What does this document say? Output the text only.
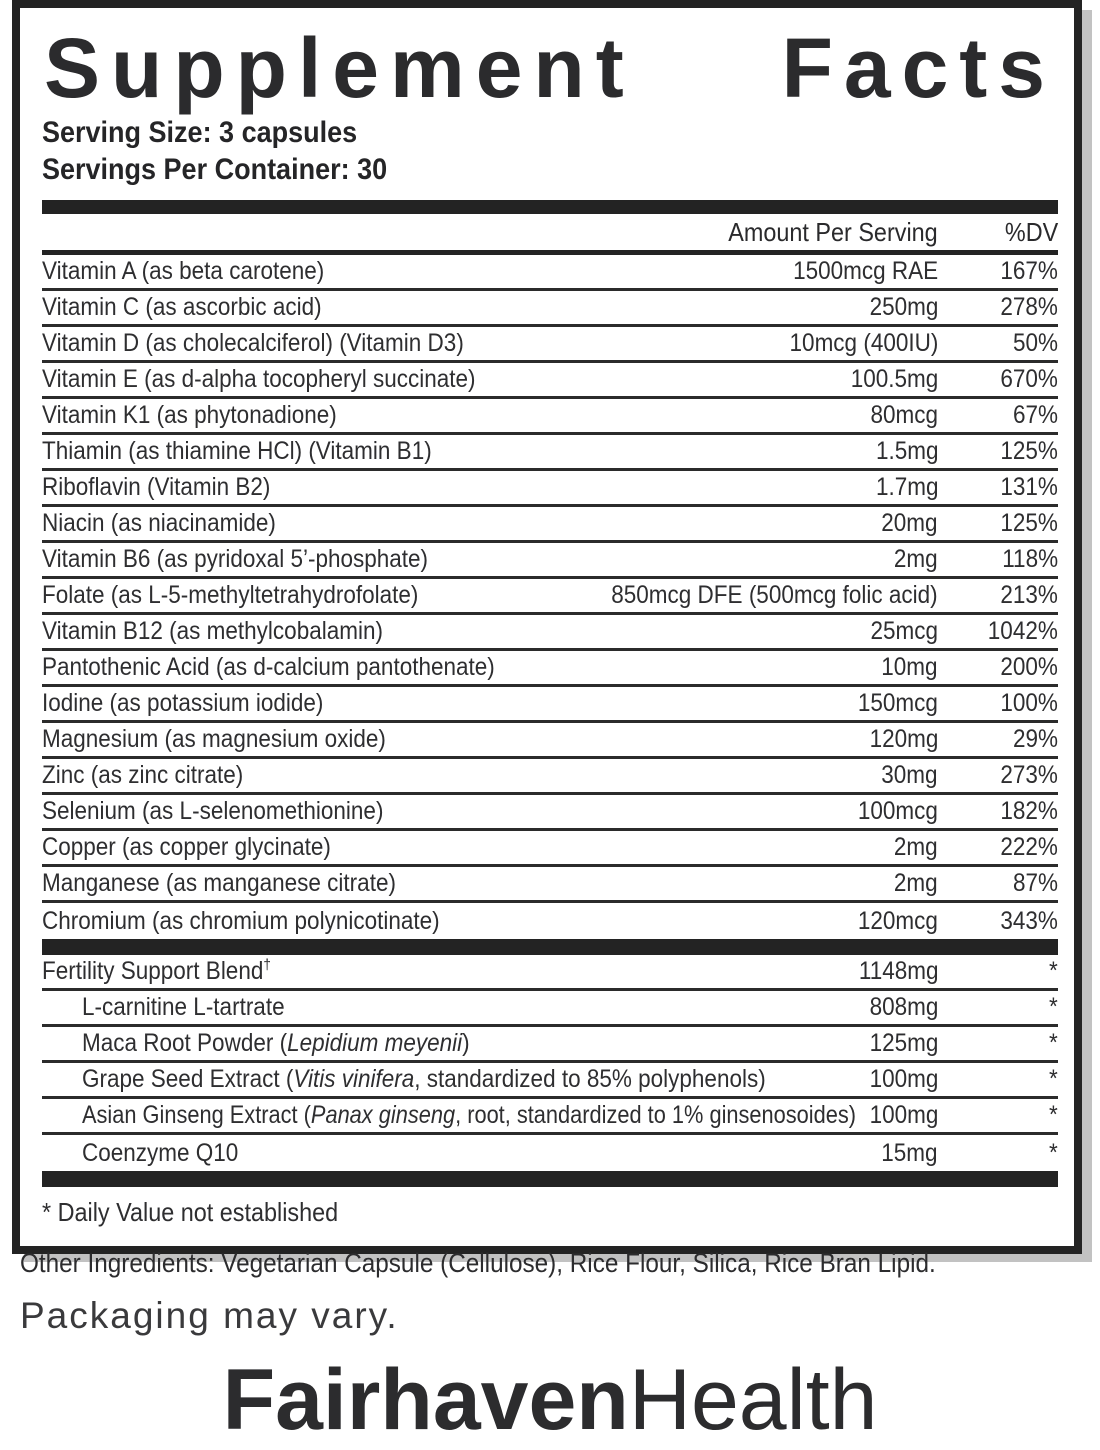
Supplement Facts
Serving Size: 3 capsules
Servings Per Container: 30
Amount Per Serving	%DV
Vitamin A (as beta carotene)	1500mcg RAE	167%
Vitamin C (as ascorbic acid)	250mg	278%
Vitamin D (as cholecalciferol) (Vitamin D3)	10mcg (400IU)	50%
Vitamin E (as d-alpha tocopheryl succinate)	100.5mg	670%
Vitamin K1 (as phytonadione)	80mcg	67%
Thiamin (as thiamine HCl) (Vitamin B1)	1.5mg	125%
Riboflavin (Vitamin B2)	1.7mg	131%
Niacin (as niacinamide)	20mg	125%
Vitamin B6 (as pyridoxal 5’-phosphate)	2mg	118%
Folate (as L-5-methyltetrahydrofolate)	850mcg DFE (500mcg folic acid)	213%
Vitamin B12 (as methylcobalamin)	25mcg	1042%
Pantothenic Acid (as d-calcium pantothenate)	10mg	200%
Iodine (as potassium iodide)	150mcg	100%
Magnesium (as magnesium oxide)	120mg	29%
Zinc (as zinc citrate)	30mg	273%
Selenium (as L-selenomethionine)	100mcg	182%
Copper (as copper glycinate)	2mg	222%
Manganese (as manganese citrate)	2mg	87%
Chromium (as chromium polynicotinate)	120mcg	343%
Fertility Support Blend†	1148mg	*
L-carnitine L-tartrate	808mg	*
Maca Root Powder (Lepidium meyenii)	125mg	*
Grape Seed Extract (Vitis vinifera, standardized to 85% polyphenols)	100mg	*
Asian Ginseng Extract (Panax ginseng, root, standardized to 1% ginsenosoides) 100mg	*
Coenzyme Q10	15mg	*
* Daily Value not established
Other Ingredients: Vegetarian Capsule (Cellulose), Rice Flour, Silica, Rice Bran Lipid.
Packaging may vary.
FairhavenHealth
